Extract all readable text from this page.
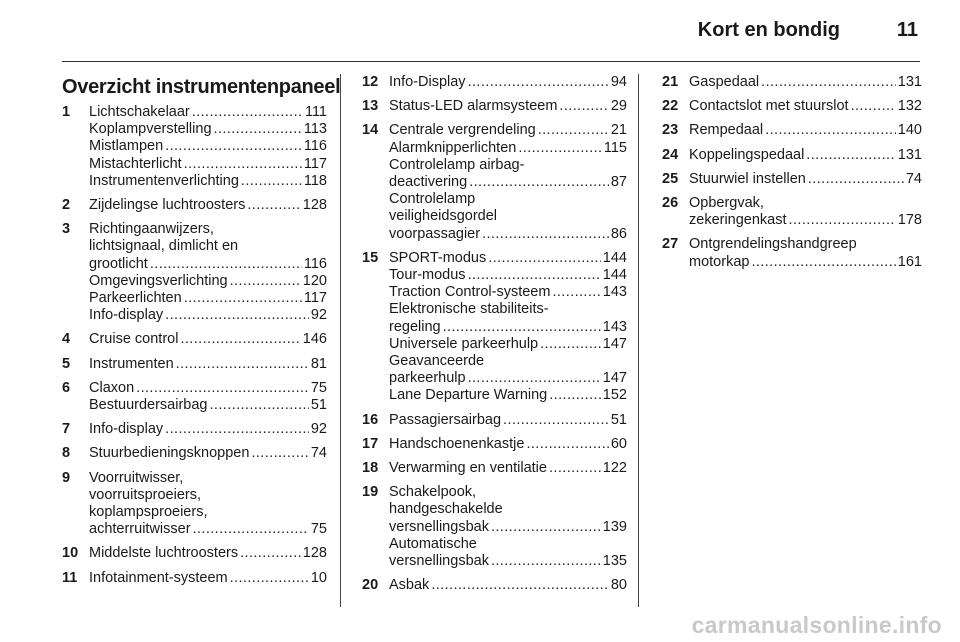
Kort en bondig	11
Overzicht instrumentenpaneel
1 Lichtschakelaar .....	111
Koplampverstelling .....	113
Mistlampen .....	116
Mistachterlicht .....	117
Instrumentenverlichting .....	118
2 Zijdelingse luchtroosters .....	128
3 Richtingaanwijzers,
lichtsignaal, dimlicht en
grootlicht .....	116
Omgevingsverlichting .....	120
Parkeerlichten .....	117
Info-display .....	92
4 Cruise control .....	146
5 Instrumenten .....	81
6 Claxon .....	75
Bestuurdersairbag .....	51
7 Info-display .....	92
8 Stuurbedieningsknoppen .....	74
9 Voorruitwisser,
voorruitsproeiers,
koplampsproeiers,
achterruitwisser .....	75
10 Middelste luchtroosters .....	128
11 Infotainment-systeem .....	10
12 Info-Display .....	94
13 Status-LED alarmsysteem .....	29
14 Centrale vergrendeling .....	21
Alarmknipperlichten .....	115
Controlelamp airbag-
deactivering .....	87
Controlelamp
veiligheidsgordel
voorpassagier .....	86
15 SPORT-modus .....	144
Tour-modus .....	144
Traction Control-systeem .....	143
Elektronische stabiliteits-
regeling .....	143
Universele parkeerhulp .....	147
Geavanceerde
parkeerhulp .....	147
Lane Departure Warning .....	152
16 Passagiersairbag .....	51
17 Handschoenenkastje .....	60
18 Verwarming en ventilatie .....	122
19 Schakelpook,
handgeschakelde
versnellingsbak .....	139
Automatische
versnellingsbak .....	135
20 Asbak .....	80
21 Gaspedaal .....	131
22 Contactslot met stuurslot .....	132
23 Rempedaal .....	140
24 Koppelingspedaal .....	131
25 Stuurwiel instellen .....	74
26 Opbergvak,
zekeringenkast .....	178
27 Ontgrendelingshandgreep
motorkap .....	161
carmanualsonline.info
